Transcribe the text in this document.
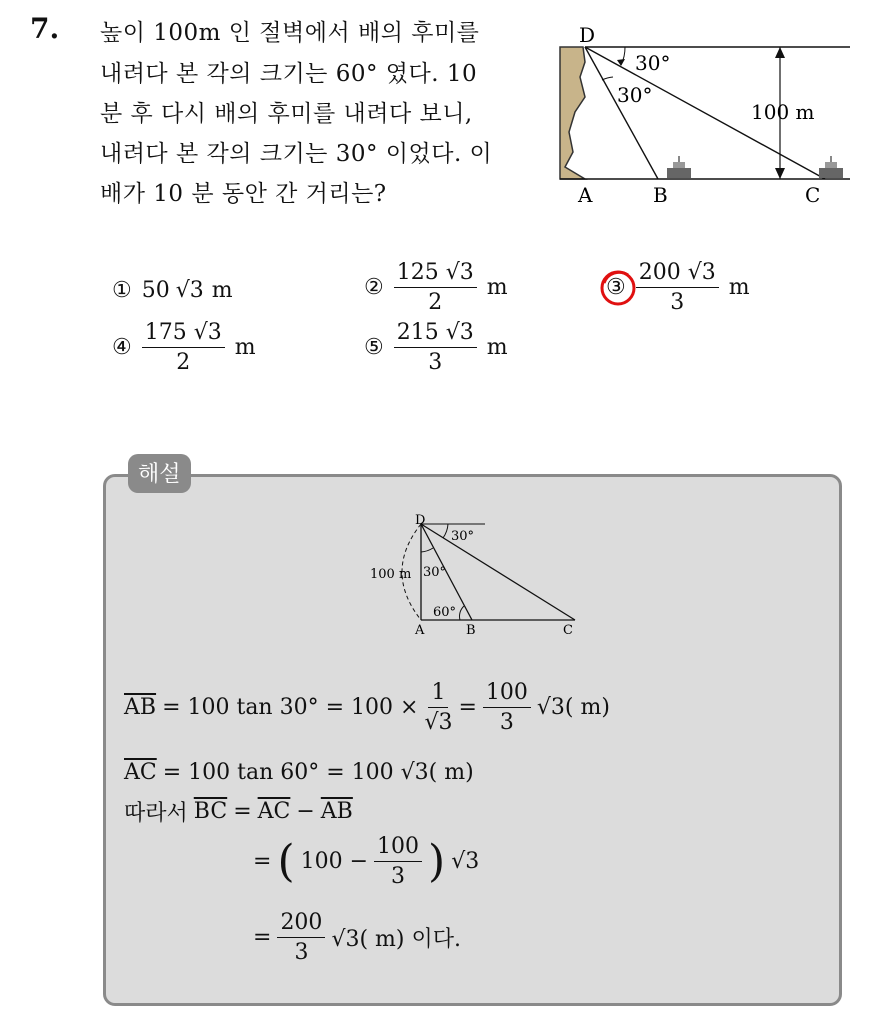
7. 높이 100m 인 절벽에서 배의 후미를
내려다 본 각의 크기는 60° 였다. 10
분 후 다시 배의 후미를 내려다 보니,
내려다 본 각의 크기는 30° 이었다. 이
배가 10 분 동안 간 거리는?
D
A	B	C
30°
30°
100 m
① 50 √3 m	② $\frac{125 √3}{2}$ m	③ $\frac{200 √3}{3}$ m
④ $\frac{175 √3}{2}$ m	⑤ $\frac{215 √3}{3}$ m
해설
D
A	B	C
30°
30°
60°
100 m
$\overline{AB} = 100$ $\tan 30^\circ = 100 \times \frac{1}{√3} = \frac{100}{3} √3$( m)
$\overline{AC} = 100$ tan 60° = 100 √3( m)
따라서 $\overline{BC} = \overline{AC} - \overline{AB}$
= ( $100 - \frac{100}{3}$ ) √3
= $\frac{200}{3} √3$( m) 이다.
